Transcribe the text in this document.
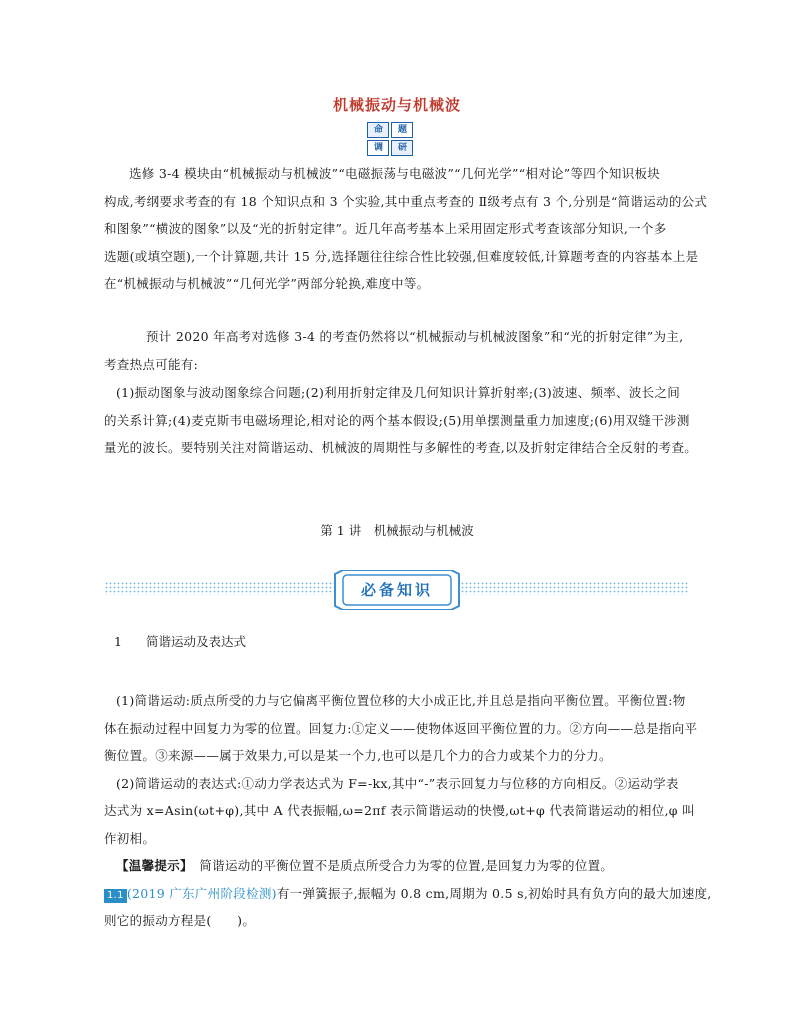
机械振动与机械波
命	题
调	研
选修 3-4 模块由“机械振动与机械波”“电磁振荡与电磁波”“几何光学”“相对论”等四个知识板块
构成,考纲要求考查的有 18 个知识点和 3 个实验,其中重点考查的 Ⅱ级考点有 3 个,分别是“简谐运动的公式
和图象”“横波的图象”以及“光的折射定律”。近几年高考基本上采用固定形式考查该部分知识,一个多
选题(或填空题),一个计算题,共计 15 分,选择题往往综合性比较强,但难度较低,计算题考查的内容基本上是
在“机械振动与机械波”“几何光学”两部分轮换,难度中等。
预计 2020 年高考对选修 3-4 的考查仍然将以“机械振动与机械波图象”和“光的折射定律”为主,
考查热点可能有:
(1)振动图象与波动图象综合问题;(2)利用折射定律及几何知识计算折射率;(3)波速、频率、波长之间
的关系计算;(4)麦克斯韦电磁场理论,相对论的两个基本假设;(5)用单摆测量重力加速度;(6)用双缝干涉测
量光的波长。要特别关注对简谐运动、机械波的周期性与多解性的考查,以及折射定律结合全反射的考查。
第 1 讲　机械振动与机械波
必备知识
1 简谐运动及表达式
(1)简谐运动:质点所受的力与它偏离平衡位置位移的大小成正比,并且总是指向平衡位置。平衡位置:物
体在振动过程中回复力为零的位置。回复力:①定义——使物体返回平衡位置的力。②方向——总是指向平
衡位置。③来源——属于效果力,可以是某一个力,也可以是几个力的合力或某个力的分力。
(2)简谐运动的表达式:①动力学表达式为 F=-kx,其中“-”表示回复力与位移的方向相反。②运动学表
达式为 x=Asin(ωt+φ),其中 A 代表振幅,ω=2πf 表示简谐运动的快慢,ωt+φ 代表简谐运动的相位,φ 叫
作初相。
【温馨提示】　简谐运动的平衡位置不是质点所受合力为零的位置,是回复力为零的位置。
1.1 (2019 广东广州阶段检测)有一弹簧振子,振幅为 0.8 cm,周期为 0.5 s,初始时具有负方向的最大加速度,
则它的振动方程是(　　)。
